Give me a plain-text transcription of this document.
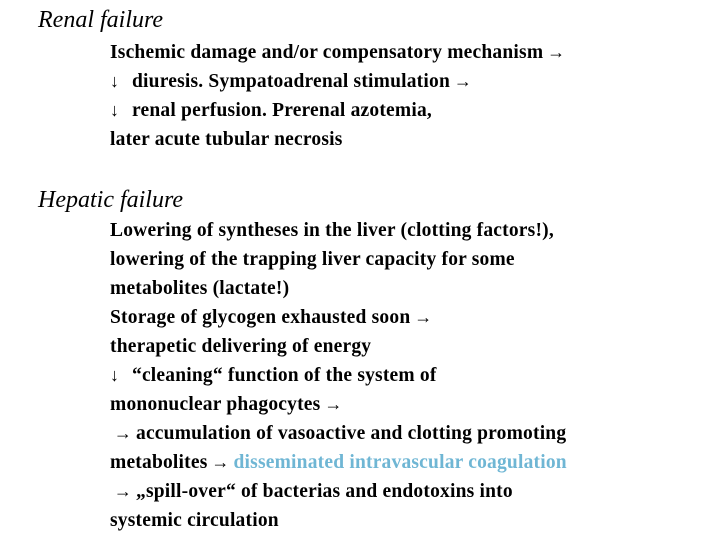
Renal failure
Ischemic damage and/or compensatory mechanism →
↓ diuresis. Sympatoadrenal stimulation →
↓ renal perfusion. Prerenal azotemia,
later acute tubular necrosis
Hepatic failure
Lowering of syntheses in the liver (clotting factors!),
lowering of the trapping liver capacity for some
metabolites (lactate!)
Storage of glycogen exhausted soon →
therapetic delivering of energy
↓ “cleaning“ function of the system of
mononuclear phagocytes →
→ accumulation of vasoactive and clotting promoting
metabolites → disseminated intravascular coagulation
→ „spill-over“ of bacterias and endotoxins into
systemic circulation
